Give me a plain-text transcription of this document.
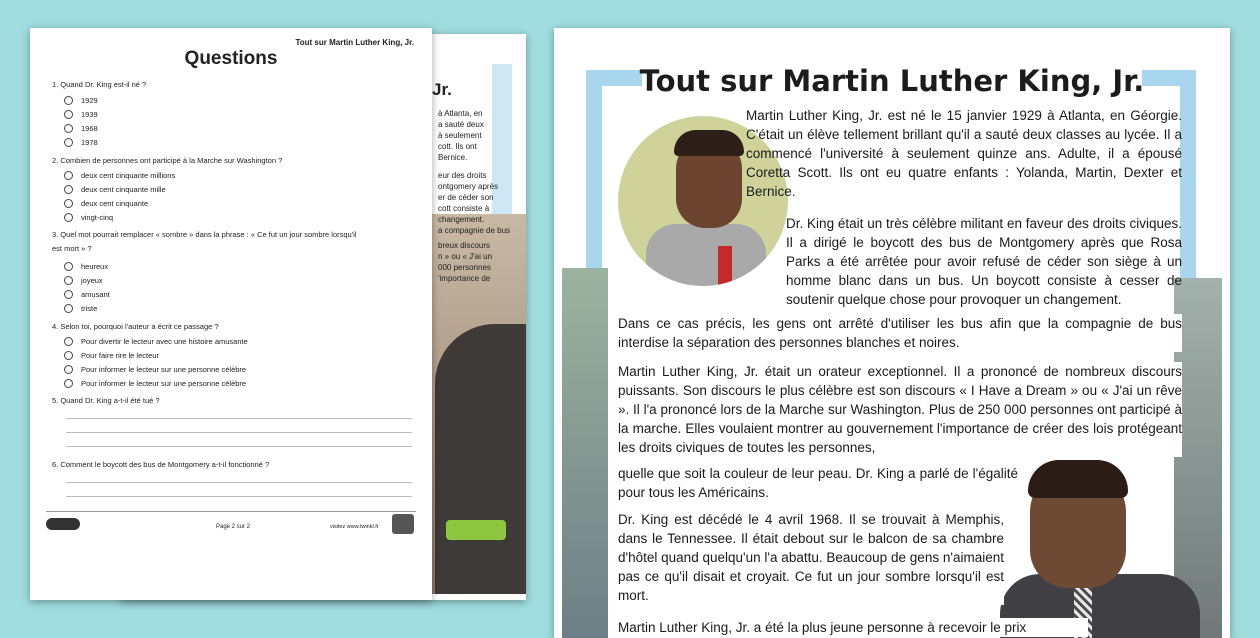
Jr.
à Atlanta, en
a sauté deux
à seulement
cott. Ils ont
Bernice.
eur des droits
ontgomery après
er de céder son
cott consiste à
changement.
a compagnie de bus
breux discours
n » ou « J'ai un
000 personnes
'importance de
Tout sur Martin Luther King, Jr.
Questions
1. Quand Dr. King est-il né ?
1929
1939
1968
1978
2. Combien de personnes ont participé à la Marche sur Washington ?
deux cent cinquante millions
deux cent cinquante mille
deux cent cinquante
vingt-cinq
3. Quel mot pourrait remplacer « sombre » dans la phrase : « Ce fut un jour sombre lorsqu'il
est mort » ?
heureux
joyeux
amusant
triste
4. Selon toi, pourquoi l'auteur a écrit ce passage ?
Pour divertir le lecteur avec une histoire amusante
Pour faire rire le lecteur
Pour informer le lecteur sur une personne célèbre
Pour informer le lecteur sur une personne célèbre
5. Quand Dr. King a-t-il été tué ?
6. Comment le boycott des bus de Montgomery a-t-il fonctionné ?
Page 2 sur 2	visitez www.twinkl.fr
Tout sur Martin Luther King, Jr.
Martin Luther King, Jr. est né le 15 janvier 1929 à Atlanta, en Géorgie. C'était un élève tellement brillant qu'il a sauté deux classes au lycée. Il a commencé l'université à seulement quinze ans. Adulte, il a épousé Coretta Scott. Ils ont eu quatre enfants : Yolanda, Martin, Dexter et Bernice.
Dr. King était un très célèbre militant en faveur des droits civiques. Il a dirigé le boycott des bus de Montgomery après que Rosa Parks a été arrêtée pour avoir refusé de céder son siège à un homme blanc dans un bus. Un boycott consiste à cesser de soutenir quelque chose pour provoquer un changement.
Dans ce cas précis, les gens ont arrêté d'utiliser les bus afin que la compagnie de bus interdise la séparation des personnes blanches et noires.
Martin Luther King, Jr. était un orateur exceptionnel. Il a prononcé de nombreux discours puissants. Son discours le plus célèbre est son discours « I Have a Dream » ou « J'ai un rêve ». Il l'a prononcé lors de la Marche sur Washington. Plus de 250 000 personnes ont participé à la marche. Elles voulaient montrer au gouvernement l'importance de créer des lois protégeant les droits civiques de toutes les personnes,
quelle que soit la couleur de leur peau. Dr. King a parlé de l'égalité pour tous les Américains.
Dr. King est décédé le 4 avril 1968. Il se trouvait à Memphis, dans le Tennessee. Il était debout sur le balcon de sa chambre d'hôtel quand quelqu'un l'a abattu. Beaucoup de gens n'aimaient pas ce qu'il disait et croyait. Ce fut un jour sombre lorsqu'il est mort.
Martin Luther King, Jr. a été la plus jeune personne à recevoir le prix
